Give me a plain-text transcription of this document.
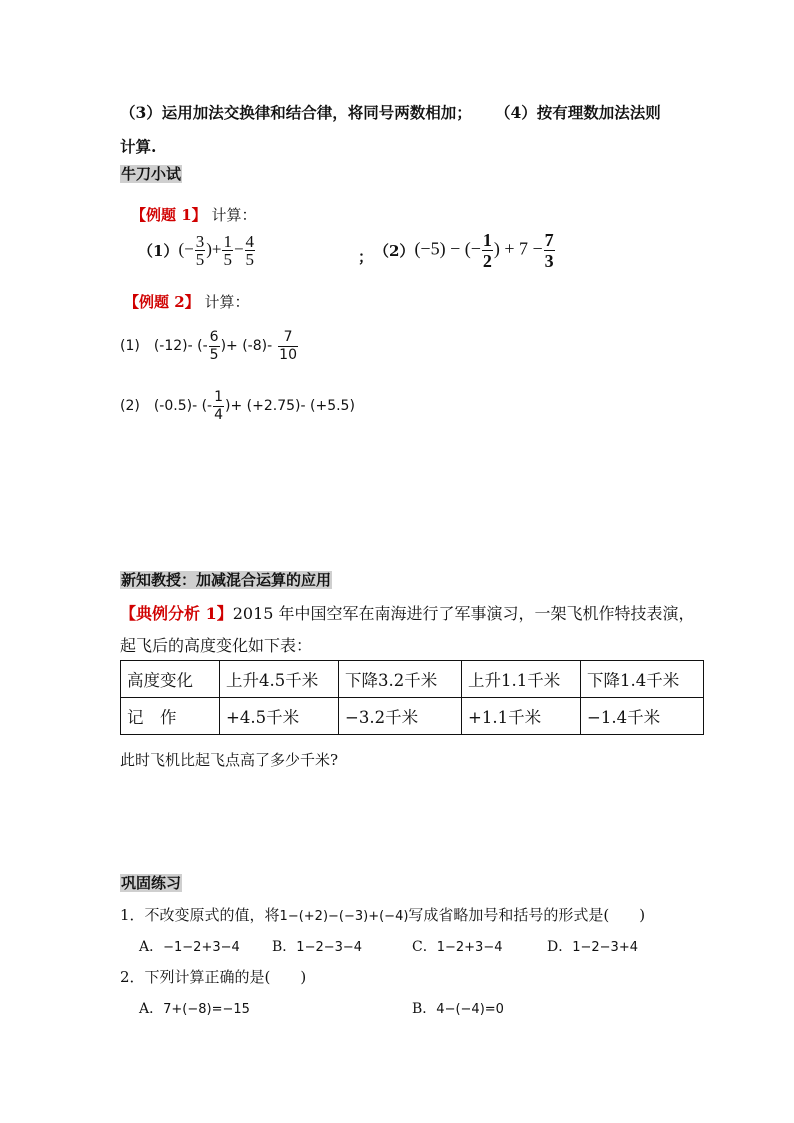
（3）运用加法交换律和结合律，将同号两数相加； （4）按有理数加法法则
计算.
牛刀小试
【例题 1】 计算：
（1） (− $\frac{3}{5}$ )+ $\frac{1}{5} - \frac{4}{5}$	； （2） (−5) − (− $\frac{1}{2}$ ) + $7 - \frac{7}{3}$
【例题 2】 计算：
(1) (-12)- (- $\frac{6}{5}$ )+ $(-8)- \frac{7}{10}$
(2) (-0.5)- (- $\frac{1}{4}$ )+ (+2.75)- (+5.5)
新知教授：加减混合运算的应用
【典例分析 1】2015 年中国空军在南海进行了军事演习，一架飞机作特技表演，
起飞后的高度变化如下表：
高度变化	上升4.5千米	下降3.2千米	上升1.1千米	下降1.4千米
记　作	+4.5千米	−3.2千米	+1.1千米	−1.4千米
此时飞机比起飞点高了多少千米?
巩固练习
1．不改变原式的值，将1−(+2)−(−3)+(−4)写成省略加号和括号的形式是(　　)
A．−1−2+3−4 B．1−2−3−4	C．1−2+3−4	D．1−2−3+4
2．下列计算正确的是(　　)
A．7+(−8)=−15	B．4−(−4)=0
